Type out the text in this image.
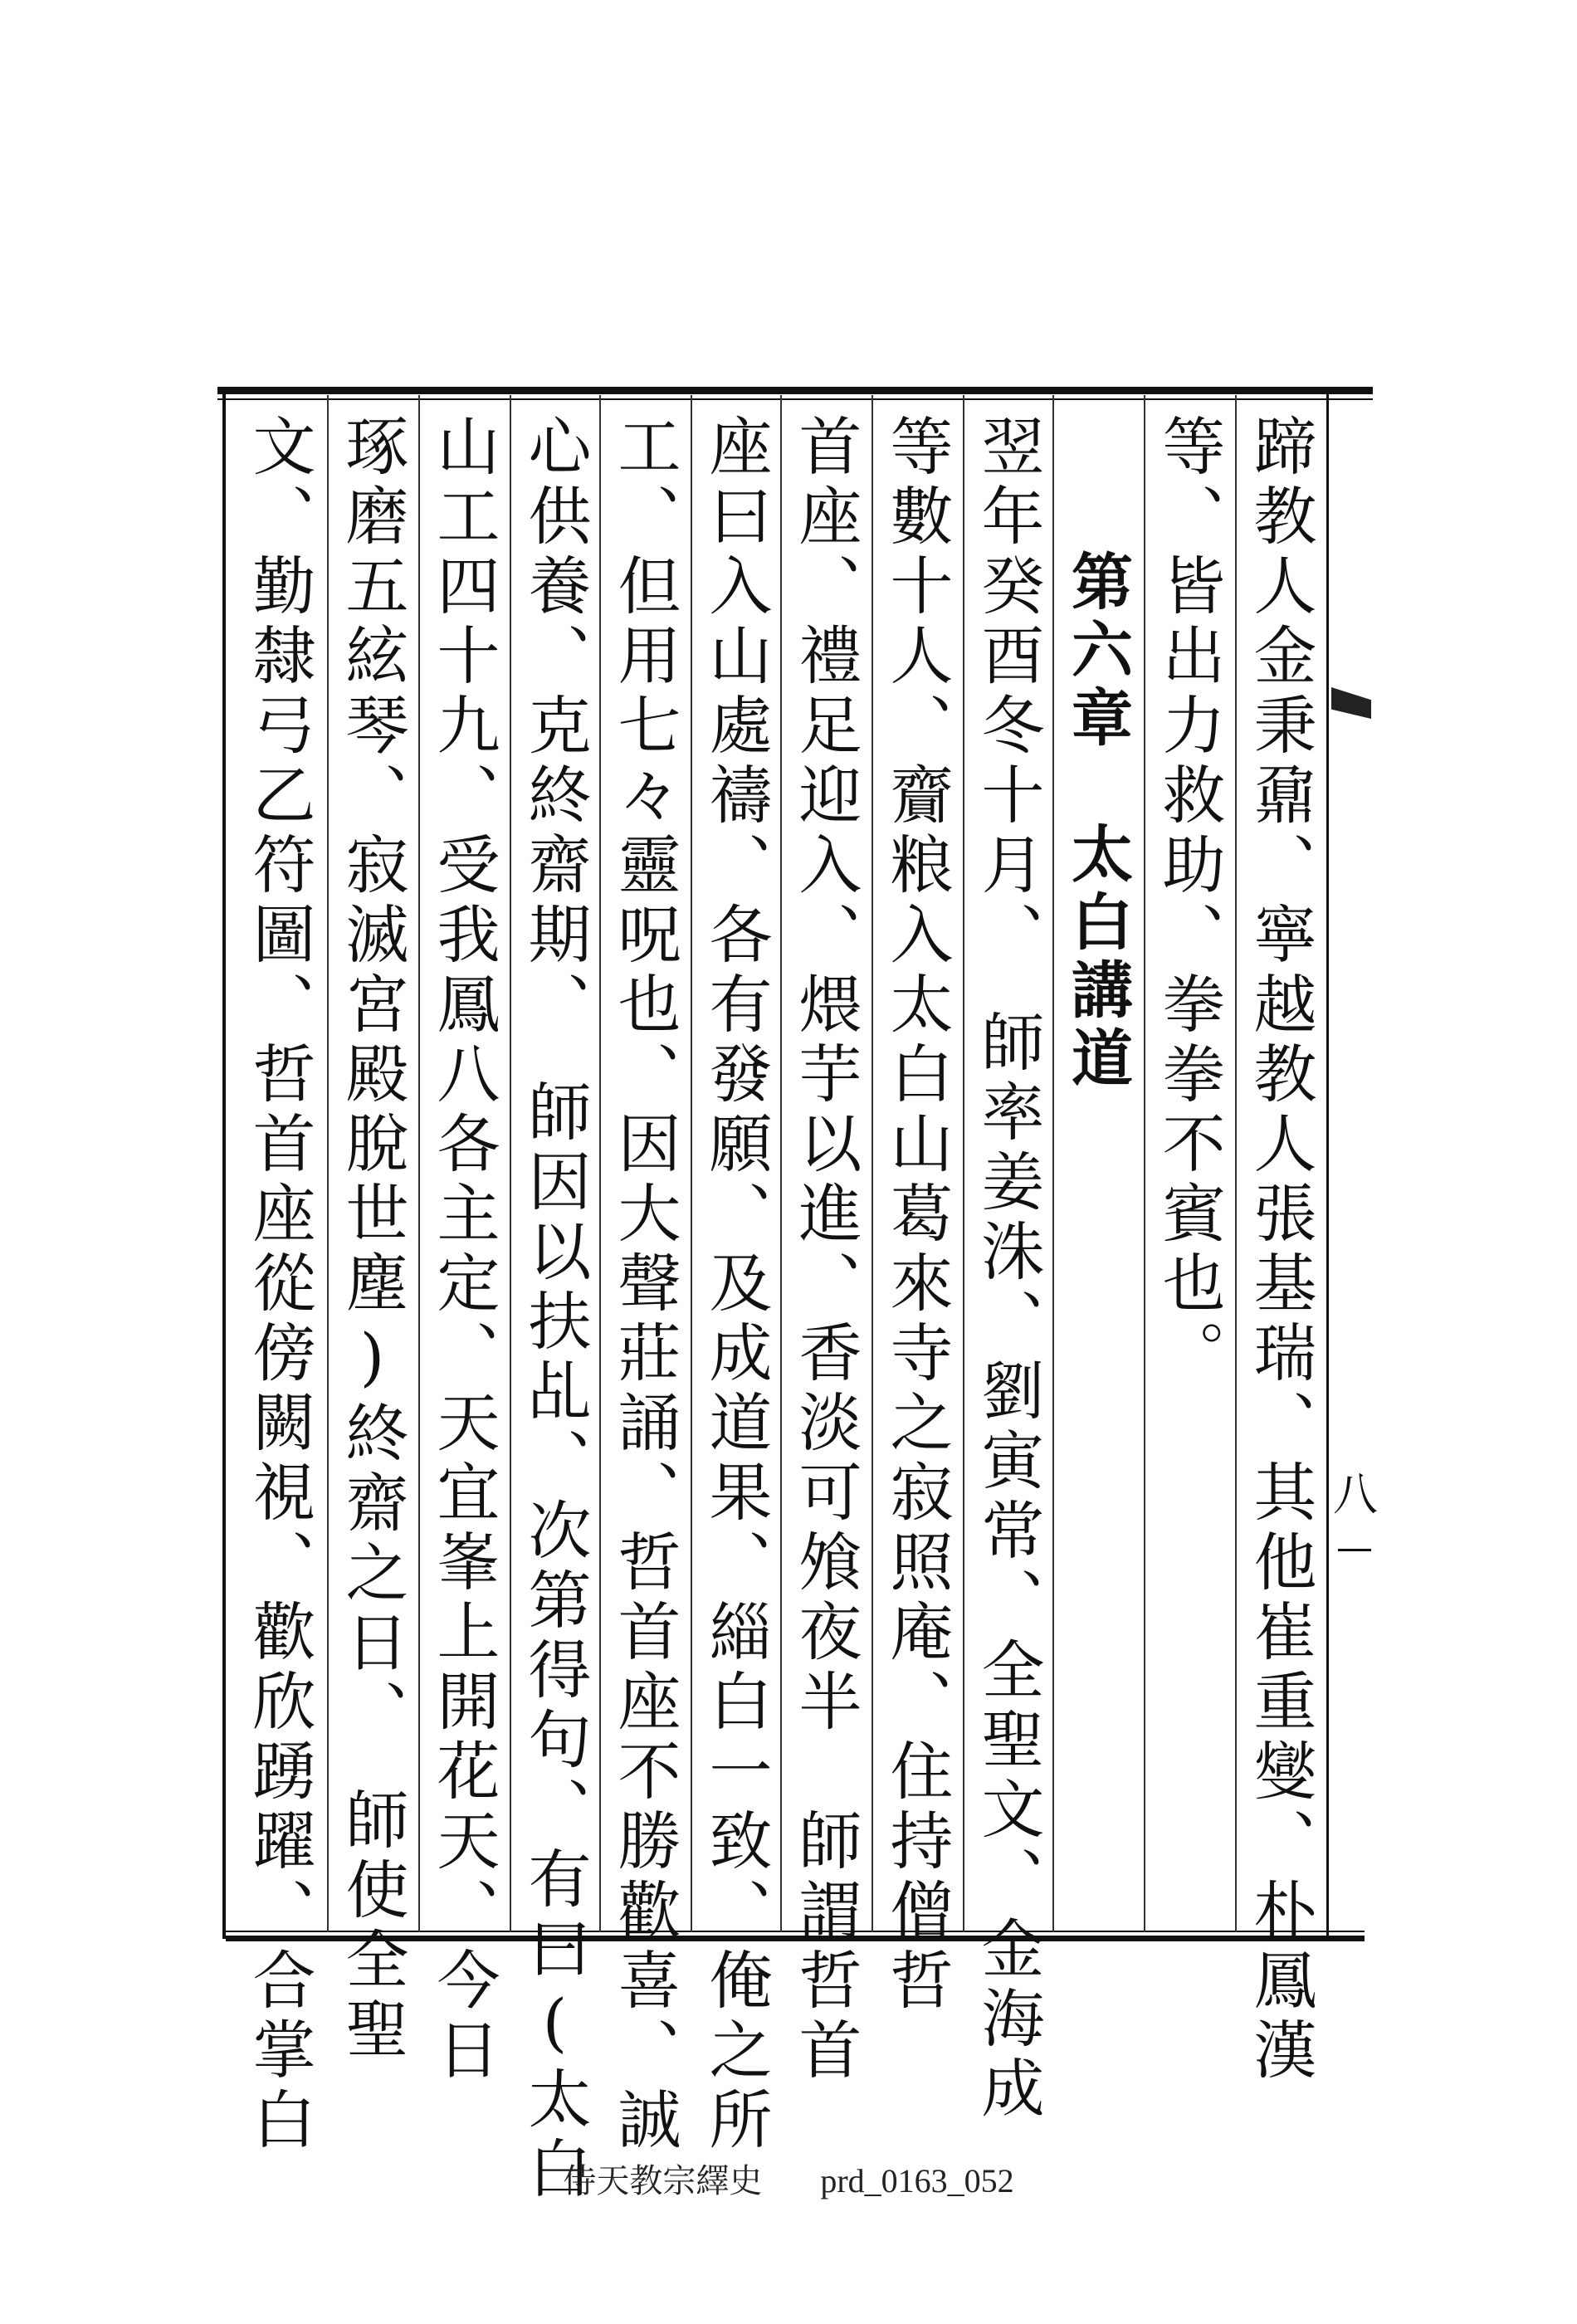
八
蹄教人金秉鼐、寧越教人張基瑞、其他崔重燮、朴鳳漢
等、皆出力救助、拳拳不賓也。
　　第六章　太白講道
翌年癸酉冬十月、　師率姜洙、劉寅常、全聖文、金海成
等數十人、齎粮入太白山葛來寺之寂照庵、住持僧哲
首座、禮足迎入、煨芋以進、香淡可飧夜半　師謂哲首
座曰入山處禱、各有發願、及成道果、緇白一致、俺之所
工、但用七々靈呪也、因大聲莊誦、哲首座不勝歡喜、誠
心供養、克終齋期、　師因以扶乩、次第得句、有曰(太白
山工四十九、受我鳳八各主定、天宜峯上開花天、今日
琢磨五絃琴、寂滅宮殿脫世塵)終齋之日、　師使全聖
文、勤隸弓乙符圖、哲首座從傍闕視、歡欣踴躍、合掌白
侍天教宗繹史 prd_0163_052
